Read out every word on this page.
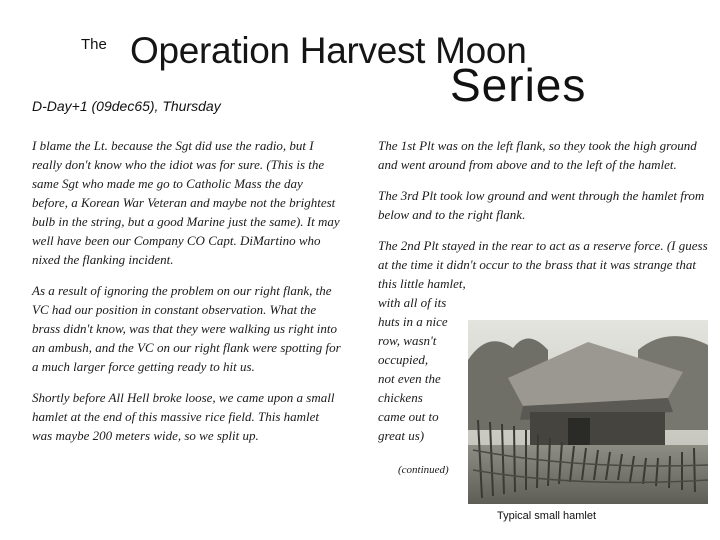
The Operation Harvest Moon
Series
D-Day+1 (09dec65), Thursday

I blame the Lt. because the Sgt did use the radio, but I really don't know who the idiot was for sure. (This is the same Sgt who made me go to Catholic Mass the day before, a Korean War Veteran and maybe not the brightest bulb in the string, but a good Marine just the same). It may well have been our Company CO Capt. DiMartino who nixed the flanking incident.

As a result of ignoring the problem on our right flank, the VC had our position in constant observation. What the brass didn't know, was that they were walking us right into an ambush, and the VC on our right flank were spotting for a much larger force getting ready to hit us.

Shortly before All Hell broke loose, we came upon a small hamlet at the end of this massive rice field. This hamlet was maybe 200 meters wide, so we split up.

The 1st Plt was on the left flank, so they took the high ground and went around from above and to the left of the hamlet.

The 3rd Plt took low ground and went through the hamlet from below and to the right flank.

The 2nd Plt stayed in the rear to act as a reserve force. (I guess at the time it didn't occur to the brass that it was strange that this little hamlet,
with all of its
huts in a nice
row, wasn't
occupied,
not even the
chickens
came out to
great us)

(continued)
Typical small hamlet
